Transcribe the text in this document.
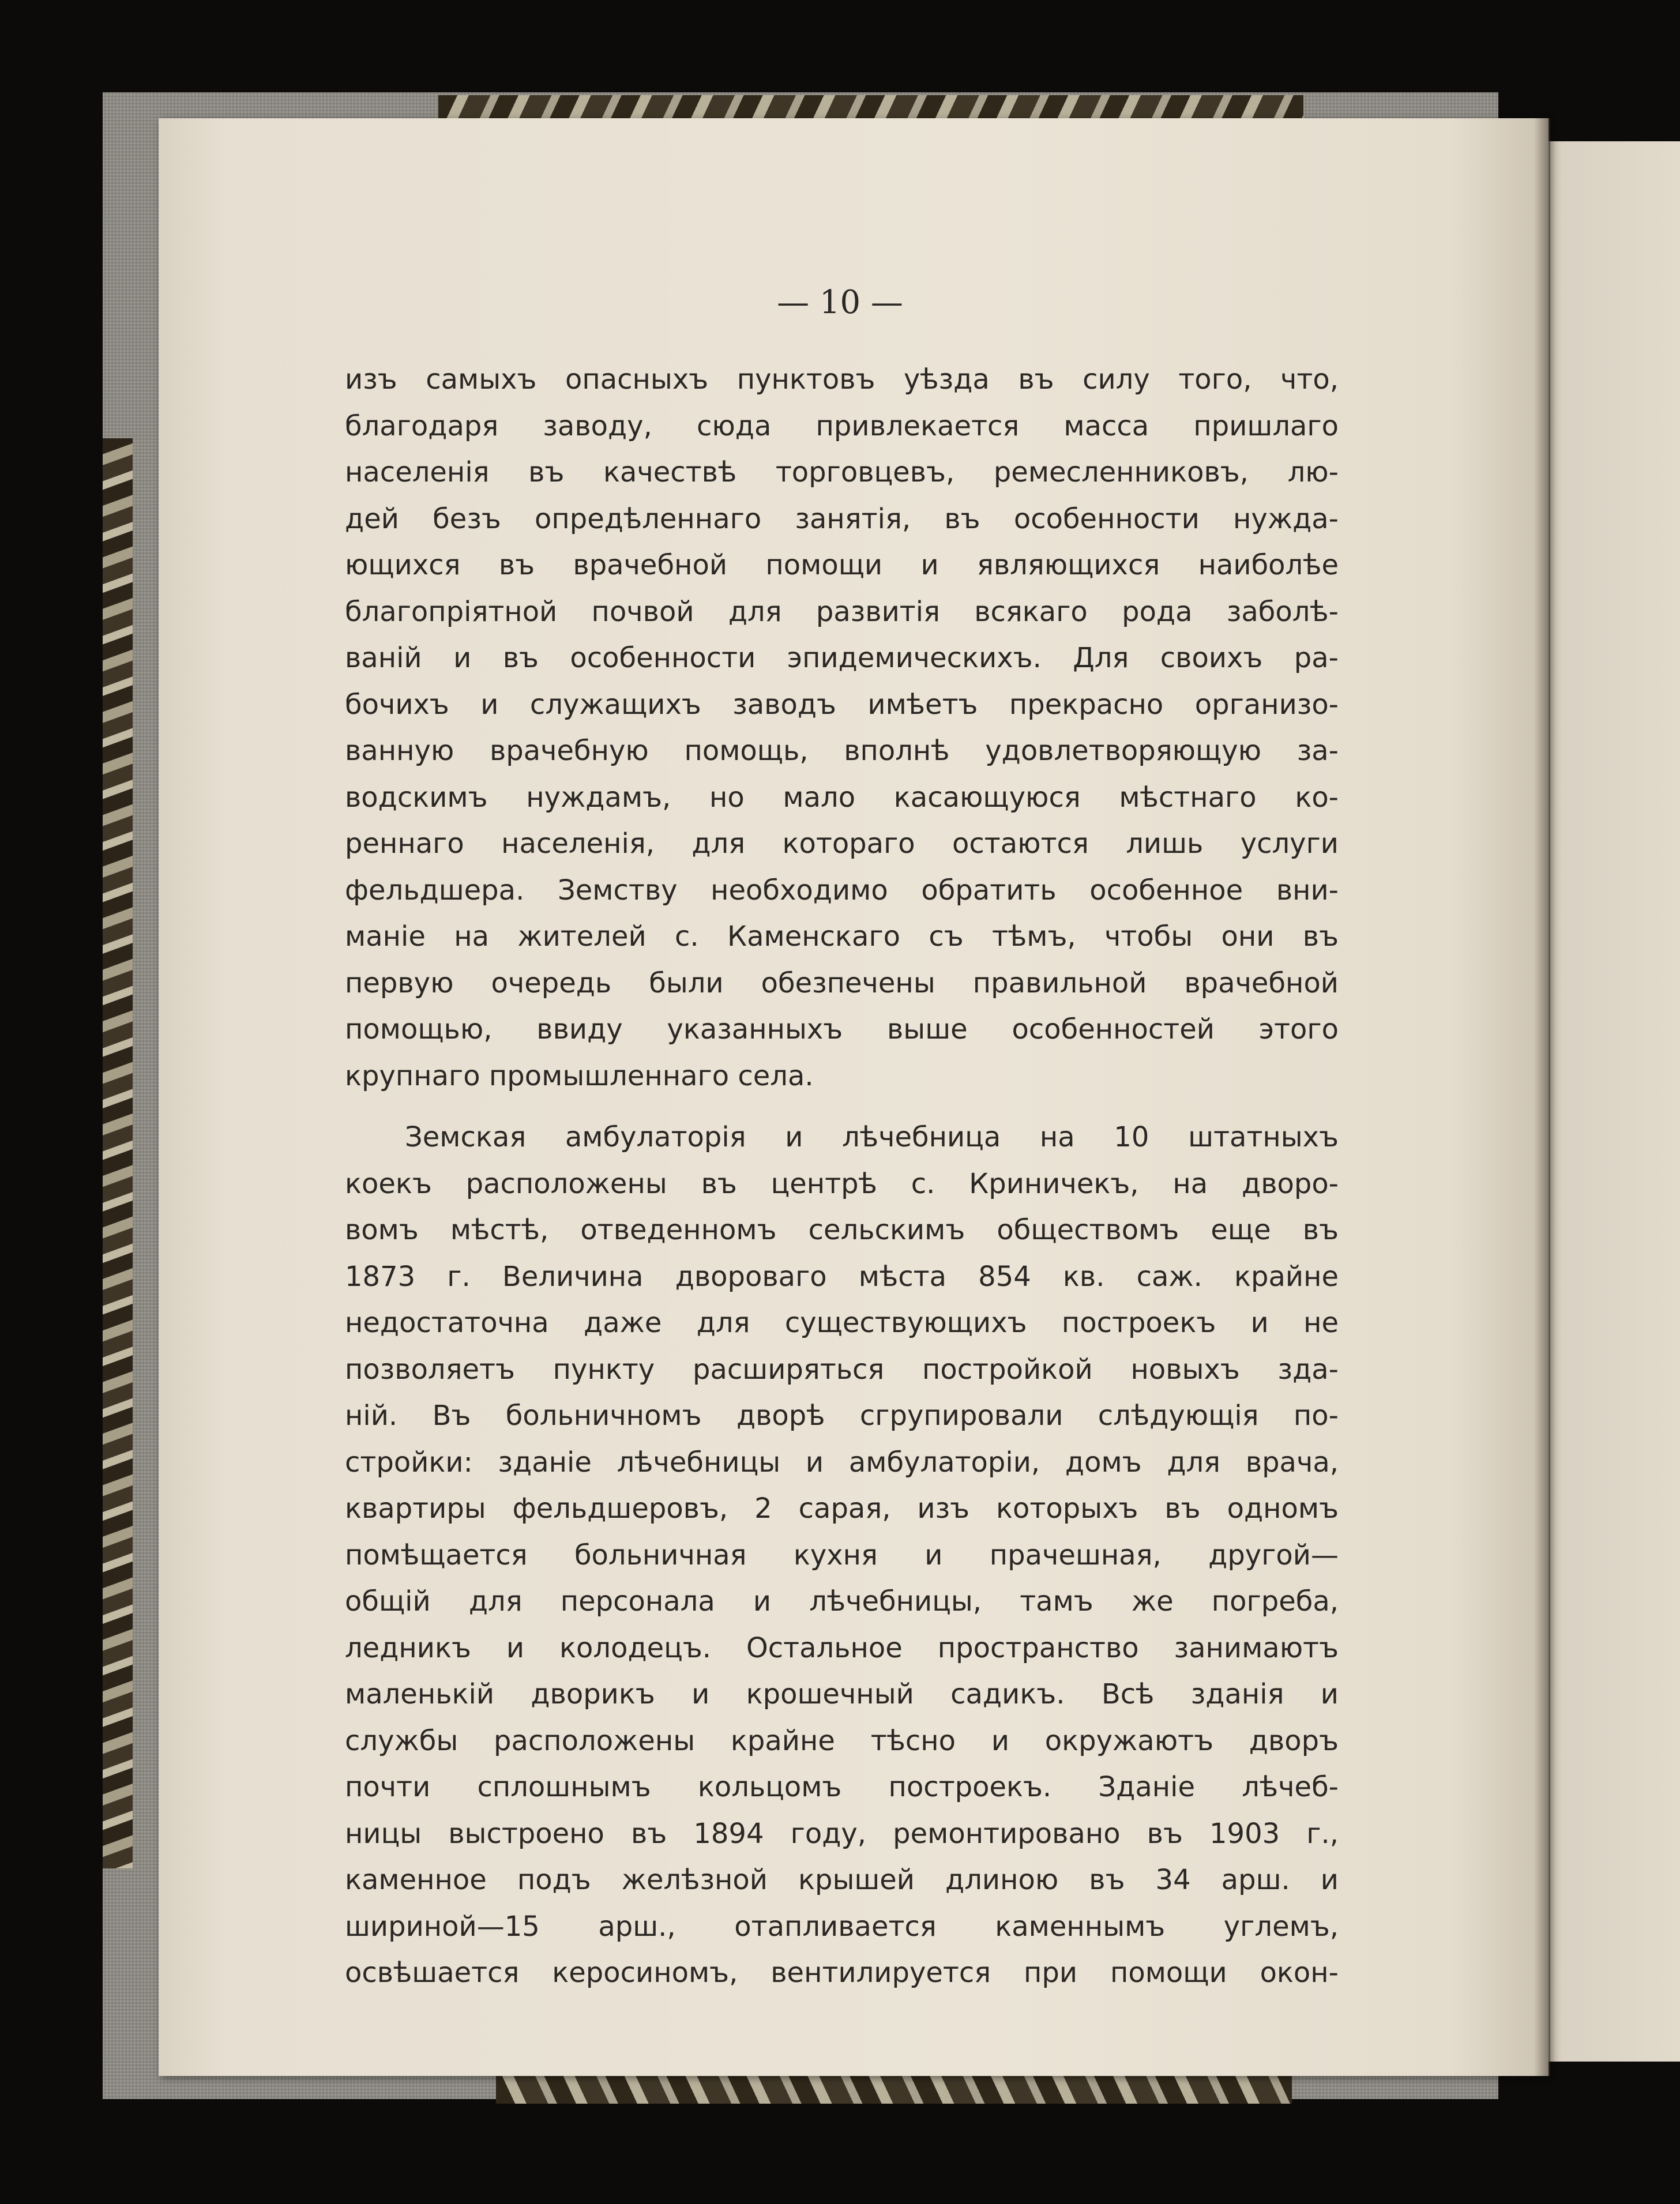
— 10 —
изъ самыхъ опасныхъ пунктовъ уѣзда въ силу того, что,
благодаря заводу, сюда привлекается масса пришлаго
населенія въ качествѣ торговцевъ, ремесленниковъ, лю-
дей безъ опредѣленнаго занятія, въ особенности нужда-
ющихся въ врачебной помощи и являющихся наиболѣе
благопріятной почвой для развитія всякаго рода заболѣ-
ваній и въ особенности эпидемическихъ. Для своихъ ра-
бочихъ и служащихъ заводъ имѣетъ прекрасно организо-
ванную врачебную помощь, вполнѣ удовлетворяющую за-
водскимъ нуждамъ, но мало касающуюся мѣстнаго ко-
реннаго населенія, для котораго остаются лишь услуги
фельдшера. Земству необходимо обратить особенное вни-
маніе на жителей с. Каменскаго съ тѣмъ, чтобы они въ
первую очередь были обезпечены правильной врачебной
помощью, ввиду указанныхъ выше особенностей этого
крупнаго промышленнаго села.
Земская амбулаторія и лѣчебница на 10 штатныхъ
коекъ расположены въ центрѣ с. Криничекъ, на дворо-
вомъ мѣстѣ, отведенномъ сельскимъ обществомъ еще въ
1873 г. Величина двороваго мѣста 854 кв. саж. крайне
недостаточна даже для существующихъ построекъ и не
позволяетъ пункту расширяться постройкой новыхъ зда-
ній. Въ больничномъ дворѣ сгрупировали слѣдующія по-
стройки: зданіе лѣчебницы и амбулаторіи, домъ для врача,
квартиры фельдшеровъ, 2 сарая, изъ которыхъ въ одномъ
помѣщается больничная кухня и прачешная, другой—
общій для персонала и лѣчебницы, тамъ же погреба,
ледникъ и колодецъ. Остальное пространство занимаютъ
маленькій дворикъ и крошечный садикъ. Всѣ зданія и
службы расположены крайне тѣсно и окружаютъ дворъ
почти сплошнымъ кольцомъ построекъ. Зданіе лѣчеб-
ницы выстроено въ 1894 году, ремонтировано въ 1903 г.,
каменное подъ желѣзной крышей длиною въ 34 арш. и
шириной—15 арш., отапливается каменнымъ углемъ,
освѣшается керосиномъ, вентилируется при помощи окон-
